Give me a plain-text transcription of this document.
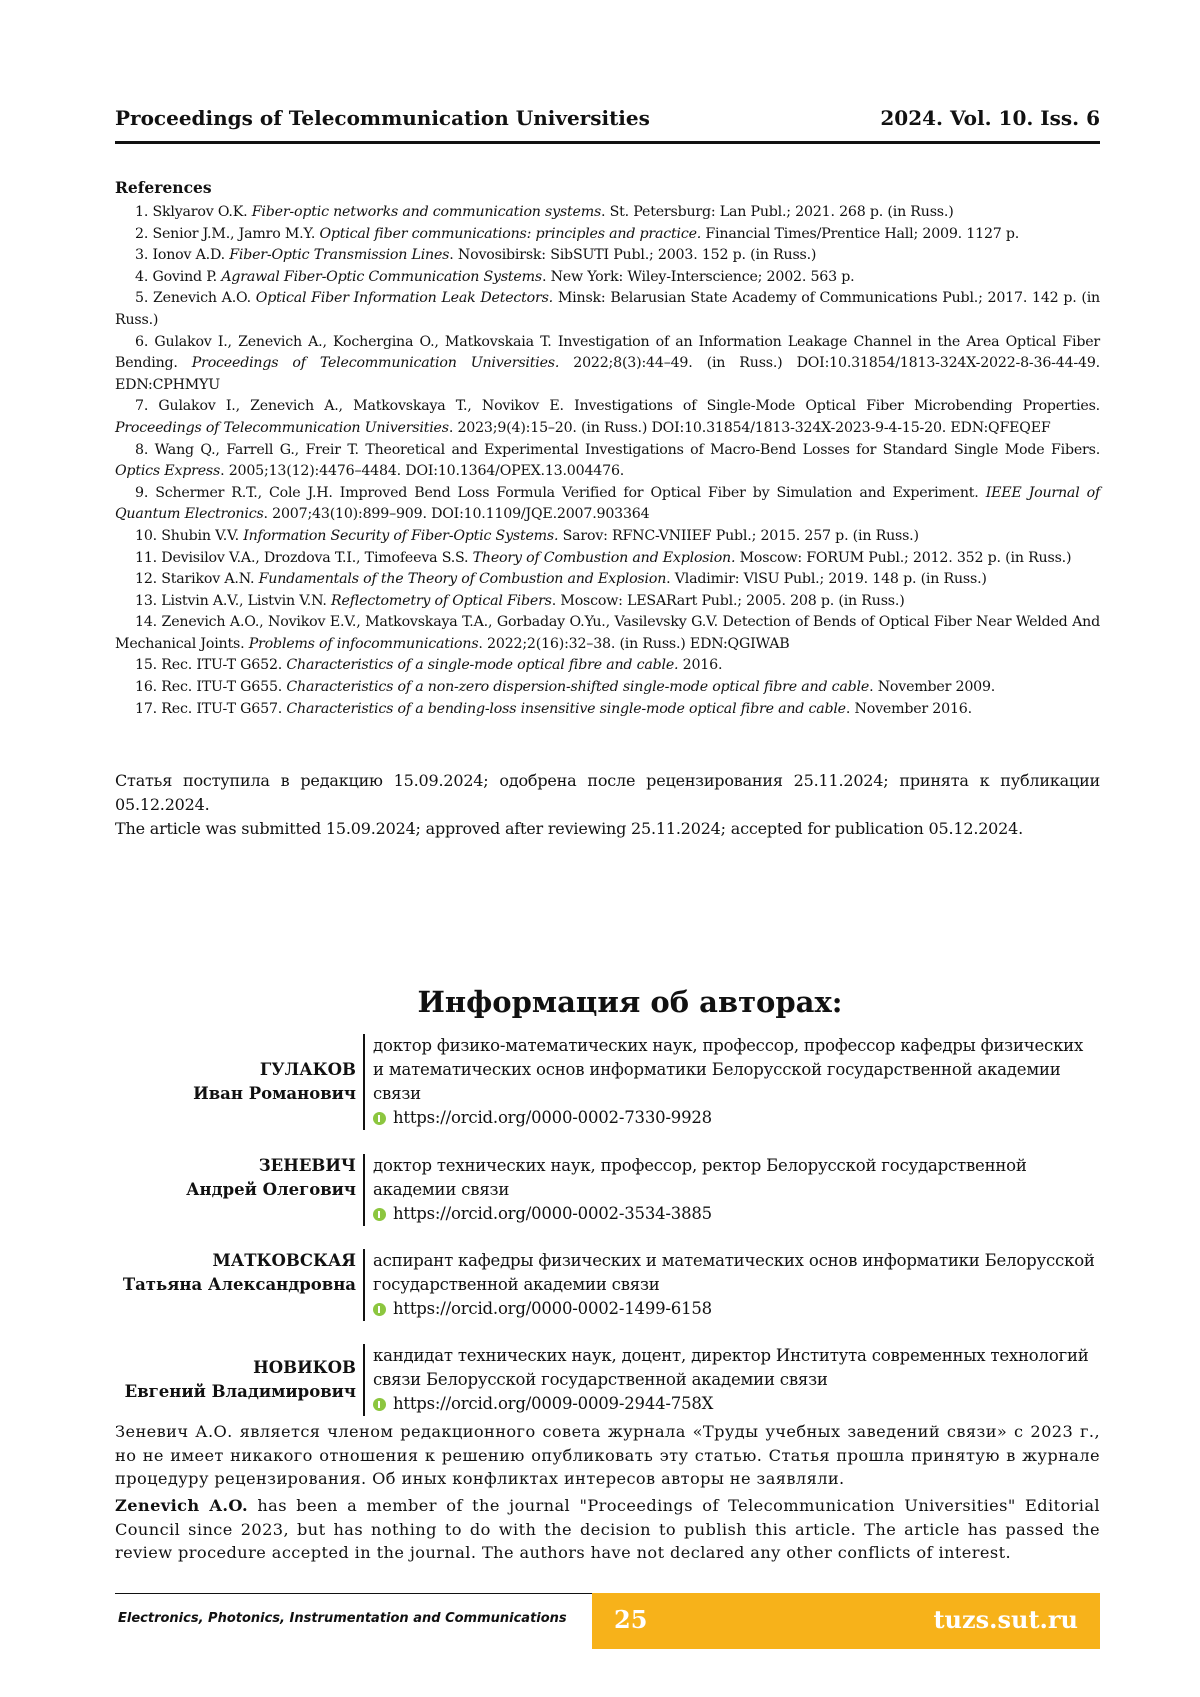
Proceedings of Telecommunication Universities	2024. Vol. 10. Iss. 6
References
1. Sklyarov O.K. Fiber-optic networks and communication systems. St. Petersburg: Lan Publ.; 2021. 268 p. (in Russ.)
2. Senior J.M., Jamro M.Y. Optical fiber communications: principles and practice. Financial Times/Prentice Hall; 2009. 1127 p.
3. Ionov A.D. Fiber-Optic Transmission Lines. Novosibirsk: SibSUTI Publ.; 2003. 152 p. (in Russ.)
4. Govind P. Agrawal Fiber-Optic Communication Systems. New York: Wiley-Interscience; 2002. 563 p.
5. Zenevich A.O. Optical Fiber Information Leak Detectors. Minsk: Belarusian State Academy of Communications Publ.; 2017. 142 p. (in Russ.)
6. Gulakov I., Zenevich A., Kochergina O., Matkovskaia T. Investigation of an Information Leakage Channel in the Area Optical Fiber Bending. Proceedings of Telecommunication Universities. 2022;8(3):44–49. (in Russ.) DOI:10.31854/1813-324X-2022-8-36-44-49. EDN:CPHMYU
7. Gulakov I., Zenevich A., Matkovskaya T., Novikov E. Investigations of Single-Mode Optical Fiber Microbending Properties. Proceedings of Telecommunication Universities. 2023;9(4):15–20. (in Russ.) DOI:10.31854/1813-324X-2023-9-4-15-20. EDN:QFEQEF
8. Wang Q., Farrell G., Freir T. Theoretical and Experimental Investigations of Macro-Bend Losses for Standard Single Mode Fibers. Optics Express. 2005;13(12):4476–4484. DOI:10.1364/OPEX.13.004476.
9. Schermer R.T., Cole J.H. Improved Bend Loss Formula Verified for Optical Fiber by Simulation and Experiment. IEEE Journal of Quantum Electronics. 2007;43(10):899–909. DOI:10.1109/JQE.2007.903364
10. Shubin V.V. Information Security of Fiber-Optic Systems. Sarov: RFNC-VNIIEF Publ.; 2015. 257 p. (in Russ.)
11. Devisilov V.A., Drozdova T.I., Timofeeva S.S. Theory of Combustion and Explosion. Moscow: FORUM Publ.; 2012. 352 p. (in Russ.)
12. Starikov A.N. Fundamentals of the Theory of Combustion and Explosion. Vladimir: VlSU Publ.; 2019. 148 p. (in Russ.)
13. Listvin A.V., Listvin V.N. Reflectometry of Optical Fibers. Moscow: LESARart Publ.; 2005. 208 p. (in Russ.)
14. Zenevich A.O., Novikov E.V., Matkovskaya T.A., Gorbaday O.Yu., Vasilevsky G.V. Detection of Bends of Optical Fiber Near Welded And Mechanical Joints. Problems of infocommunications. 2022;2(16):32–38. (in Russ.) EDN:QGIWAB
15. Rec. ITU-T G652. Characteristics of a single-mode optical fibre and cable. 2016.
16. Rec. ITU-T G655. Characteristics of a non-zero dispersion-shifted single-mode optical fibre and cable. November 2009.
17. Rec. ITU-T G657. Characteristics of a bending-loss insensitive single-mode optical fibre and cable. November 2016.
Статья поступила в редакцию 15.09.2024; одобрена после рецензирования 25.11.2024; принята к публикации 05.12.2024.
The article was submitted 15.09.2024; approved after reviewing 25.11.2024; accepted for publication 05.12.2024.
Информация об авторах:
ГУЛАКОВ
Иван Романович
доктор физико-математических наук, профессор, профессор кафедры физических и математических основ информатики Белорусской государственной академии связи
https://orcid.org/0000-0002-7330-9928
ЗЕНЕВИЧ
Андрей Олегович
доктор технических наук, профессор, ректор Белорусской государственной академии связи
https://orcid.org/0000-0002-3534-3885
МАТКОВСКАЯ
Татьяна Александровна
аспирант кафедры физических и математических основ информатики Белорусской государственной академии связи
https://orcid.org/0000-0002-1499-6158
НОВИКОВ
Евгений Владимирович
кандидат технических наук, доцент, директор Института современных технологий связи Белорусской государственной академии связи
https://orcid.org/0009-0009-2944-758X
Зеневич А.О. является членом редакционного совета журнала «Труды учебных заведений связи» с 2023 г., но не имеет никакого отношения к решению опубликовать эту статью. Статья прошла принятую в журнале процедуру рецензирования. Об иных конфликтах интересов авторы не заявляли.
Zenevich A.O. has been a member of the journal "Proceedings of Telecommunication Universities" Editorial Council since 2023, but has nothing to do with the decision to publish this article. The article has passed the review procedure accepted in the journal. The authors have not declared any other conflicts of interest.
Electronics, Photonics, Instrumentation and Communications 25	tuzs.sut.ru
